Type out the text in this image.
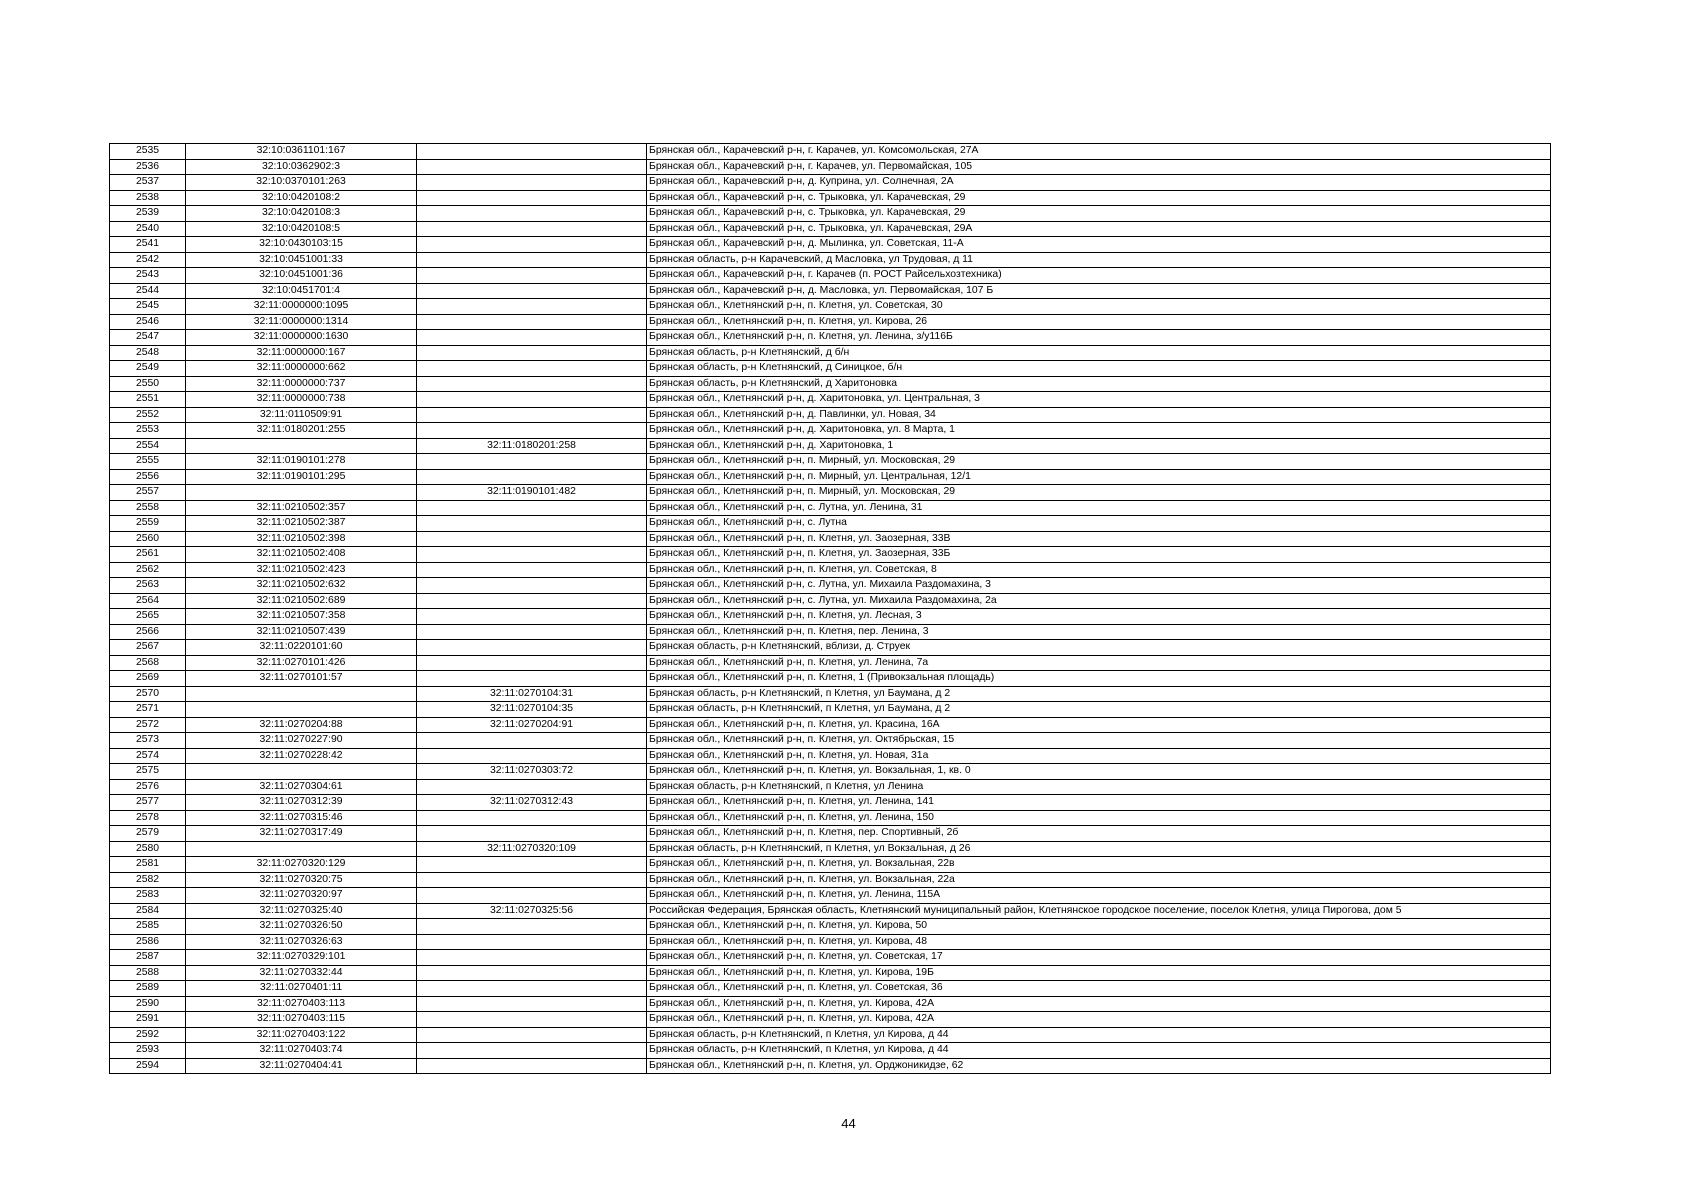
2535	32:10:0361101:167		Брянская обл., Карачевский р-н, г. Карачев, ул. Комсомольская, 27А
2536	32:10:0362902:3		Брянская обл., Карачевский р-н, г. Карачев, ул. Первомайская, 105
2537	32:10:0370101:263		Брянская обл., Карачевский р-н, д. Куприна, ул. Солнечная, 2А
2538	32:10:0420108:2		Брянская обл., Карачевский р-н, с. Трыковка, ул. Карачевская, 29
2539	32:10:0420108:3		Брянская обл., Карачевский р-н, с. Трыковка, ул. Карачевская, 29
2540	32:10:0420108:5		Брянская обл., Карачевский р-н, с. Трыковка, ул. Карачевская, 29А
2541	32:10:0430103:15		Брянская обл., Карачевский р-н, д. Мылинка, ул. Советская, 11-А
2542	32:10:0451001:33		Брянская область, р-н Карачевский, д Масловка, ул Трудовая, д 11
2543	32:10:0451001:36		Брянская обл., Карачевский р-н, г. Карачев (п. РОСТ Райсельхозтехника)
2544	32:10:0451701:4		Брянская обл., Карачевский р-н, д. Масловка, ул. Первомайская, 107 Б
2545	32:11:0000000:1095		Брянская обл., Клетнянский р-н, п. Клетня, ул. Советская, 30
2546	32:11:0000000:1314		Брянская обл., Клетнянский р-н, п. Клетня, ул. Кирова, 26
2547	32:11:0000000:1630		Брянская обл., Клетнянский р-н, п. Клетня, ул. Ленина, з/у116Б
2548	32:11:0000000:167		Брянская область, р-н Клетнянский, д б/н
2549	32:11:0000000:662		Брянская область, р-н Клетнянский, д Синицкое, б/н
2550	32:11:0000000:737		Брянская область, р-н Клетнянский, д Харитоновка
2551	32:11:0000000:738		Брянская обл., Клетнянский р-н, д. Харитоновка, ул. Центральная, 3
2552	32:11:0110509:91		Брянская обл., Клетнянский р-н, д. Павлинки, ул. Новая, 34
2553	32:11:0180201:255		Брянская обл., Клетнянский р-н, д. Харитоновка, ул. 8 Марта, 1
2554		32:11:0180201:258	Брянская обл., Клетнянский р-н, д. Харитоновка, 1
2555	32:11:0190101:278		Брянская обл., Клетнянский р-н, п. Мирный, ул. Московская, 29
2556	32:11:0190101:295		Брянская обл., Клетнянский р-н, п. Мирный, ул. Центральная, 12/1
2557		32:11:0190101:482	Брянская обл., Клетнянский р-н, п. Мирный, ул. Московская, 29
2558	32:11:0210502:357		Брянская обл., Клетнянский р-н, с. Лутна, ул. Ленина, 31
2559	32:11:0210502:387		Брянская обл., Клетнянский р-н, с. Лутна
2560	32:11:0210502:398		Брянская обл., Клетнянский р-н, п. Клетня, ул. Заозерная, 33В
2561	32:11:0210502:408		Брянская обл., Клетнянский р-н, п. Клетня, ул. Заозерная, 33Б
2562	32:11:0210502:423		Брянская обл., Клетнянский р-н, п. Клетня, ул. Советская, 8
2563	32:11:0210502:632		Брянская обл., Клетнянский р-н, с. Лутна, ул. Михаила Раздомахина, 3
2564	32:11:0210502:689		Брянская обл., Клетнянский р-н, с. Лутна, ул. Михаила Раздомахина, 2а
2565	32:11:0210507:358		Брянская обл., Клетнянский р-н, п. Клетня, ул. Лесная, 3
2566	32:11:0210507:439		Брянская обл., Клетнянский р-н, п. Клетня, пер. Ленина, 3
2567	32:11:0220101:60		Брянская область, р-н Клетнянский, вблизи, д. Струек
2568	32:11:0270101:426		Брянская обл., Клетнянский р-н, п. Клетня, ул. Ленина, 7а
2569	32:11:0270101:57		Брянская обл., Клетнянский р-н, п. Клетня, 1 (Привокзальная площадь)
2570		32:11:0270104:31	Брянская область, р-н Клетнянский, п Клетня, ул Баумана, д 2
2571		32:11:0270104:35	Брянская область, р-н Клетнянский, п Клетня, ул Баумана, д 2
2572	32:11:0270204:88	32:11:0270204:91	Брянская обл., Клетнянский р-н, п. Клетня, ул. Красина, 16А
2573	32:11:0270227:90		Брянская обл., Клетнянский р-н, п. Клетня, ул. Октябрьская, 15
2574	32:11:0270228:42		Брянская обл., Клетнянский р-н, п. Клетня, ул. Новая, 31а
2575		32:11:0270303:72	Брянская обл., Клетнянский р-н, п. Клетня, ул. Вокзальная, 1, кв. 0
2576	32:11:0270304:61		Брянская область, р-н Клетнянский, п Клетня, ул Ленина
2577	32:11:0270312:39	32:11:0270312:43	Брянская обл., Клетнянский р-н, п. Клетня, ул. Ленина, 141
2578	32:11:0270315:46		Брянская обл., Клетнянский р-н, п. Клетня, ул. Ленина, 150
2579	32:11:0270317:49		Брянская обл., Клетнянский р-н, п. Клетня, пер. Спортивный, 2б
2580		32:11:0270320:109	Брянская область, р-н Клетнянский, п Клетня, ул Вокзальная, д 26
2581	32:11:0270320:129		Брянская обл., Клетнянский р-н, п. Клетня, ул. Вокзальная, 22в
2582	32:11:0270320:75		Брянская обл., Клетнянский р-н, п. Клетня, ул. Вокзальная, 22а
2583	32:11:0270320:97		Брянская обл., Клетнянский р-н, п. Клетня, ул. Ленина, 115А
2584	32:11:0270325:40	32:11:0270325:56	Российская Федерация, Брянская область, Клетнянский муниципальный район, Клетнянское городское поселение, поселок Клетня, улица Пирогова, дом 5
2585	32:11:0270326:50		Брянская обл., Клетнянский р-н, п. Клетня, ул. Кирова, 50
2586	32:11:0270326:63		Брянская обл., Клетнянский р-н, п. Клетня, ул. Кирова, 48
2587	32:11:0270329:101		Брянская обл., Клетнянский р-н, п. Клетня, ул. Советская, 17
2588	32:11:0270332:44		Брянская обл., Клетнянский р-н, п. Клетня, ул. Кирова, 19Б
2589	32:11:0270401:11		Брянская обл., Клетнянский р-н, п. Клетня, ул. Советская, 36
2590	32:11:0270403:113		Брянская обл., Клетнянский р-н, п. Клетня, ул. Кирова, 42А
2591	32:11:0270403:115		Брянская обл., Клетнянский р-н, п. Клетня, ул. Кирова, 42А
2592	32:11:0270403:122		Брянская область, р-н Клетнянский, п Клетня, ул Кирова, д 44
2593	32:11:0270403:74		Брянская область, р-н Клетнянский, п Клетня, ул Кирова, д 44
2594	32:11:0270404:41		Брянская обл., Клетнянский р-н, п. Клетня, ул. Орджоникидзе, 62
44
